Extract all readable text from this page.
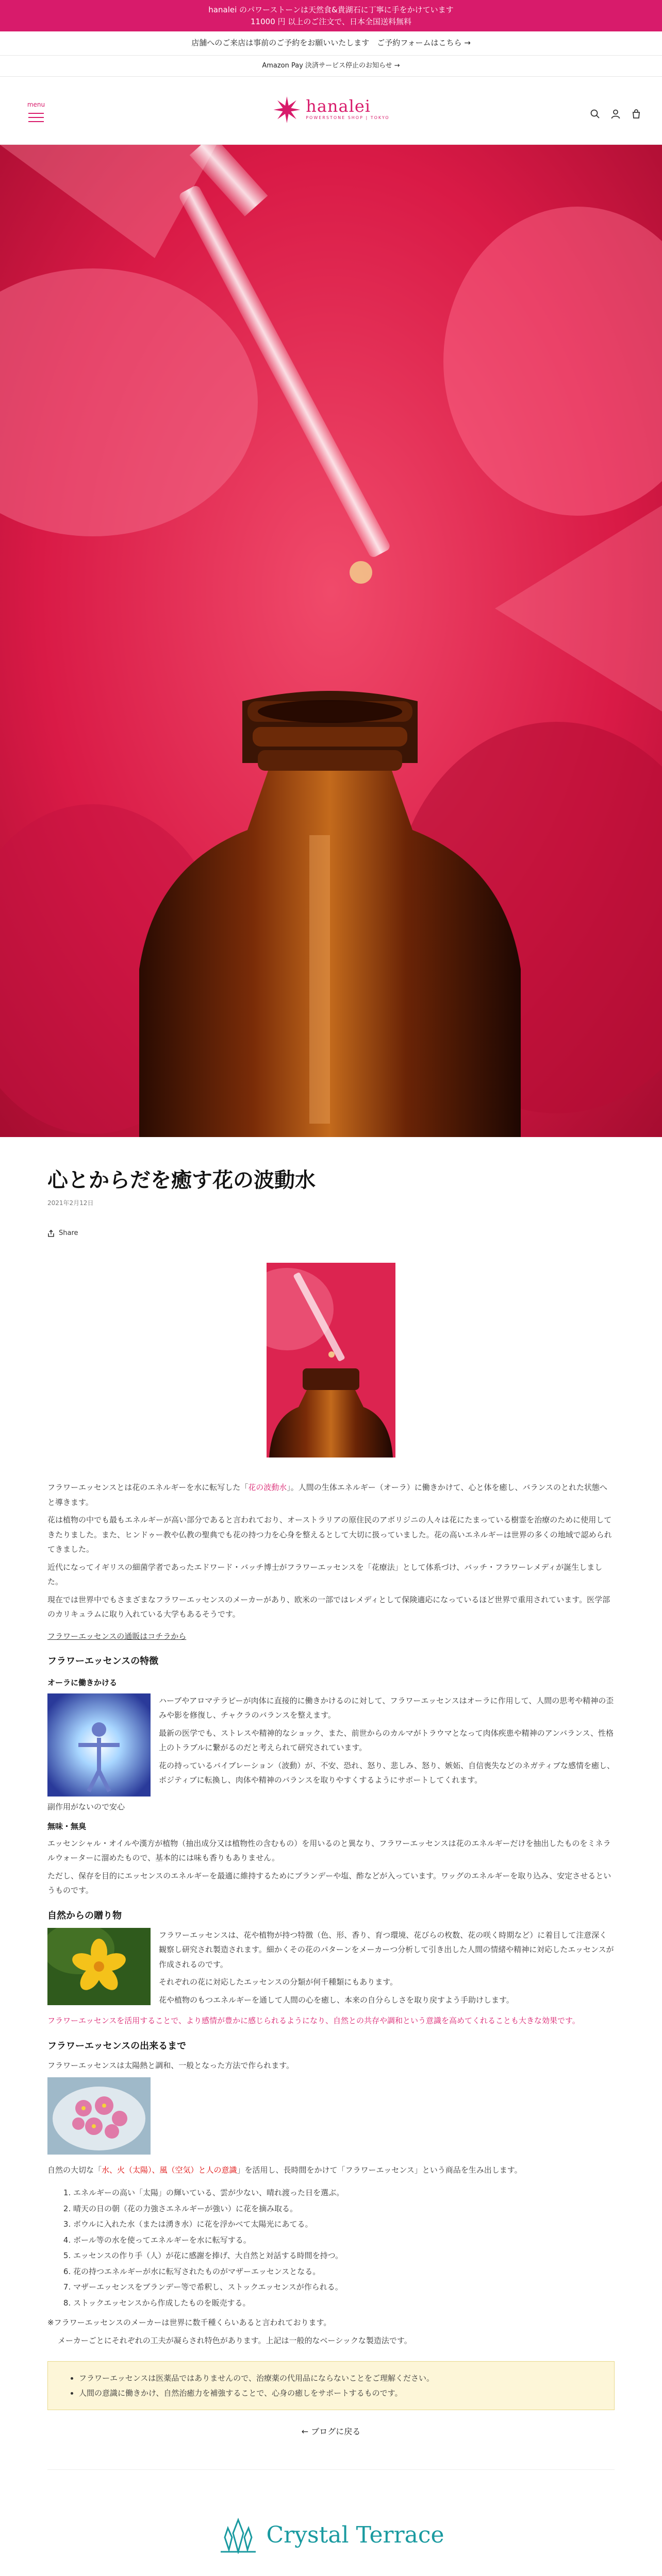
hanalei のパワーストーンは天然食&貴湖石に丁寧に手をかけています
11000 円 以上のご注文で、日本全国送料無料
店舗へのご来店は事前のご予約をお願いいたします　ご予約フォームはこちら →
Amazon Pay 決済サービス停止のお知らせ →
menu
	hanalei
POWERSTONE SHOP | TOKYO
心とからだを癒す花の波動水
2021年2月12日
Share

フラワーエッセンスとは花のエネルギーを水に転写した「花の波動水」。人間の生体エネルギー（オーラ）に働きかけて、心と体を癒し、バランスのとれた状態へと導きます。

花は植物の中でも最もエネルギーが高い部分であると言われており、オーストラリアの原住民のアボリジニの人々は花にたまっている樹霊を治療のために使用してきたりました。また、ヒンドゥー教や仏教の聖典でも花の持つ力を心身を整えるとして大切に扱っていました。花の高いエネルギーは世界の多くの地域で認められてきました。

近代になってイギリスの細菌学者であったエドワード・バッチ博士がフラワーエッセンスを「花療法」として体系づけ、バッチ・フラワーレメディが誕生しました。

現在では世界中でもさまざまなフラワーエッセンスのメーカーがあり、欧米の一部ではレメディとして保険適応になっているほど世界で重用されています。医学部のカリキュラムに取り入れている大学もあるそうです。

フラワーエッセンスの通販はコチラから

フラワーエッセンスの特徴
オーラに働きかける

ハーブやアロマテラピーが肉体に直接的に働きかけるのに対して、フラワーエッセンスはオーラに作用して、人間の思考や精神の歪みや影を修復し、チャクラのバランスを整えます。

最新の医学でも、ストレスや精神的なショック、また、前世からのカルマがトラウマとなって肉体疾患や精神のアンバランス、性格上のトラブルに繋がるのだと考えられて研究されています。

花の持っているバイブレーション（波動）が、不安、恐れ、怒り、悲しみ、怒り、嫉妬、自信喪失などのネガティブな感情を癒し、ポジティブに転換し、肉体や精神のバランスを取りやすくするようにサポートしてくれます。

副作用がないので安心

無味・無臭

エッセンシャル・オイルや漢方が植物（抽出成分又は植物性の含むもの）を用いるのと異なり、フラワーエッセンスは花のエネルギーだけを抽出したものをミネラルウォーターに溜めたもので、基本的には味も香りもありません。

ただし、保存を目的にエッセンスのエネルギーを最適に維持するためにブランデーや塩、酢などが入っています。ワッグのエネルギーを取り込み、安定させるというものです。

自然からの贈り物

フラワーエッセンスは、花や植物が持つ特徴（色、形、香り、育つ環境、花びらの枚数、花の咲く時期など）に着目して注意深く観察し研究され製造されます。細かくその花のパターンをメーカーつ分析して引き出した人間の情緒や精神に対応したエッセンスが作成されるのです。

それぞれの花に対応したエッセンスの分類が何千種類にもあります。

花や植物のもつエネルギーを通して人間の心を癒し、本来の自分らしさを取り戻すよう手助けします。

フラワーエッセンスを活用することで、より感情が豊かに感じられるようになり、自然との共存や調和という意識を高めてくれることも大きな効果です。

フラワーエッセンスの出来るまで

フラワーエッセンスは太陽熱と調和、一般となった方法で作られます。

自然の大切な「水、火（太陽）、風（空気）と人の意識」を活用し、長時間をかけて「フラワーエッセンス」という商品を生み出します。

1. エネルギーの高い「太陽」の輝いている、雲が少ない、晴れ渡った日を選ぶ。
2. 晴天の日の朝（花の力強さエネルギーが強い）に花を摘み取る。
3. ボウルに入れた水（または湧き水）に花を浮かべて太陽光にあてる。
4. ボール等の水を使ってエネルギーを水に転写する。
5. エッセンスの作り手（人）が花に感謝を捧げ、大自然と対話する時間を持つ。
6. 花の持つエネルギーが水に転写されたものがマザーエッセンスとなる。
7. マザーエッセンスをブランデー等で希釈し、ストックエッセンスが作られる。
8. ストックエッセンスから作成したものを販売する。

※フラワーエッセンスのメーカーは世界に数千種くらいあると言われております。

メーカーごとにそれぞれの工夫が凝らされ特色があります。上記は一般的なベーシックな製造法です。

• フラワーエッセンスは医薬品ではありませんので、治療薬の代用品にならないことをご理解ください。
• 人間の意識に働きかけ、自然治癒力を補強することで、心身の癒しをサポートするものです。
← ブログに戻る
Crystal Terrace
